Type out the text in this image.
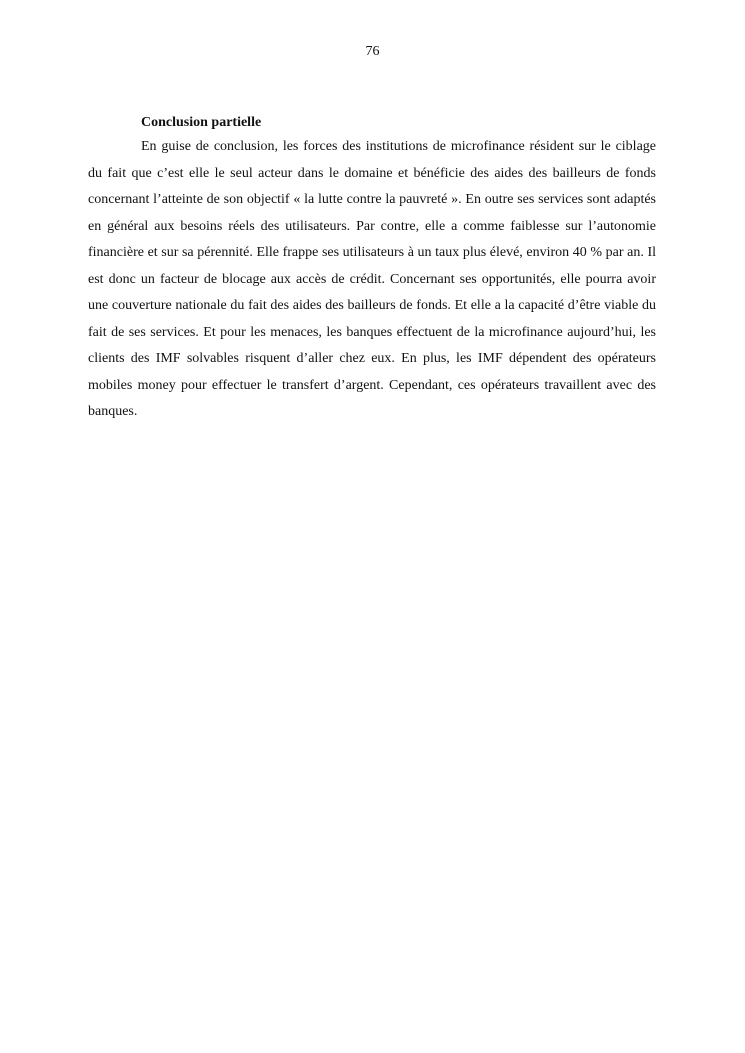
76
Conclusion partielle

En guise de conclusion, les forces des institutions de microfinance résident sur le ciblage du fait que c’est elle le seul acteur dans le domaine et bénéficie des aides des bailleurs de fonds concernant l’atteinte de son objectif « la lutte contre la pauvreté ». En outre ses services sont adaptés en général aux besoins réels des utilisateurs. Par contre, elle a comme faiblesse sur l’autonomie financière et sur sa pérennité. Elle frappe ses utilisateurs à un taux plus élevé, environ 40 % par an. Il est donc un facteur de blocage aux accès de crédit. Concernant ses opportunités, elle pourra avoir une couverture nationale du fait des aides des bailleurs de fonds. Et elle a la capacité d’être viable du fait de ses services. Et pour les menaces, les banques effectuent de la microfinance aujourd’hui, les clients des IMF solvables risquent d’aller chez eux. En plus, les IMF dépendent des opérateurs mobiles money pour effectuer le transfert d’argent. Cependant, ces opérateurs travaillent avec des banques.
